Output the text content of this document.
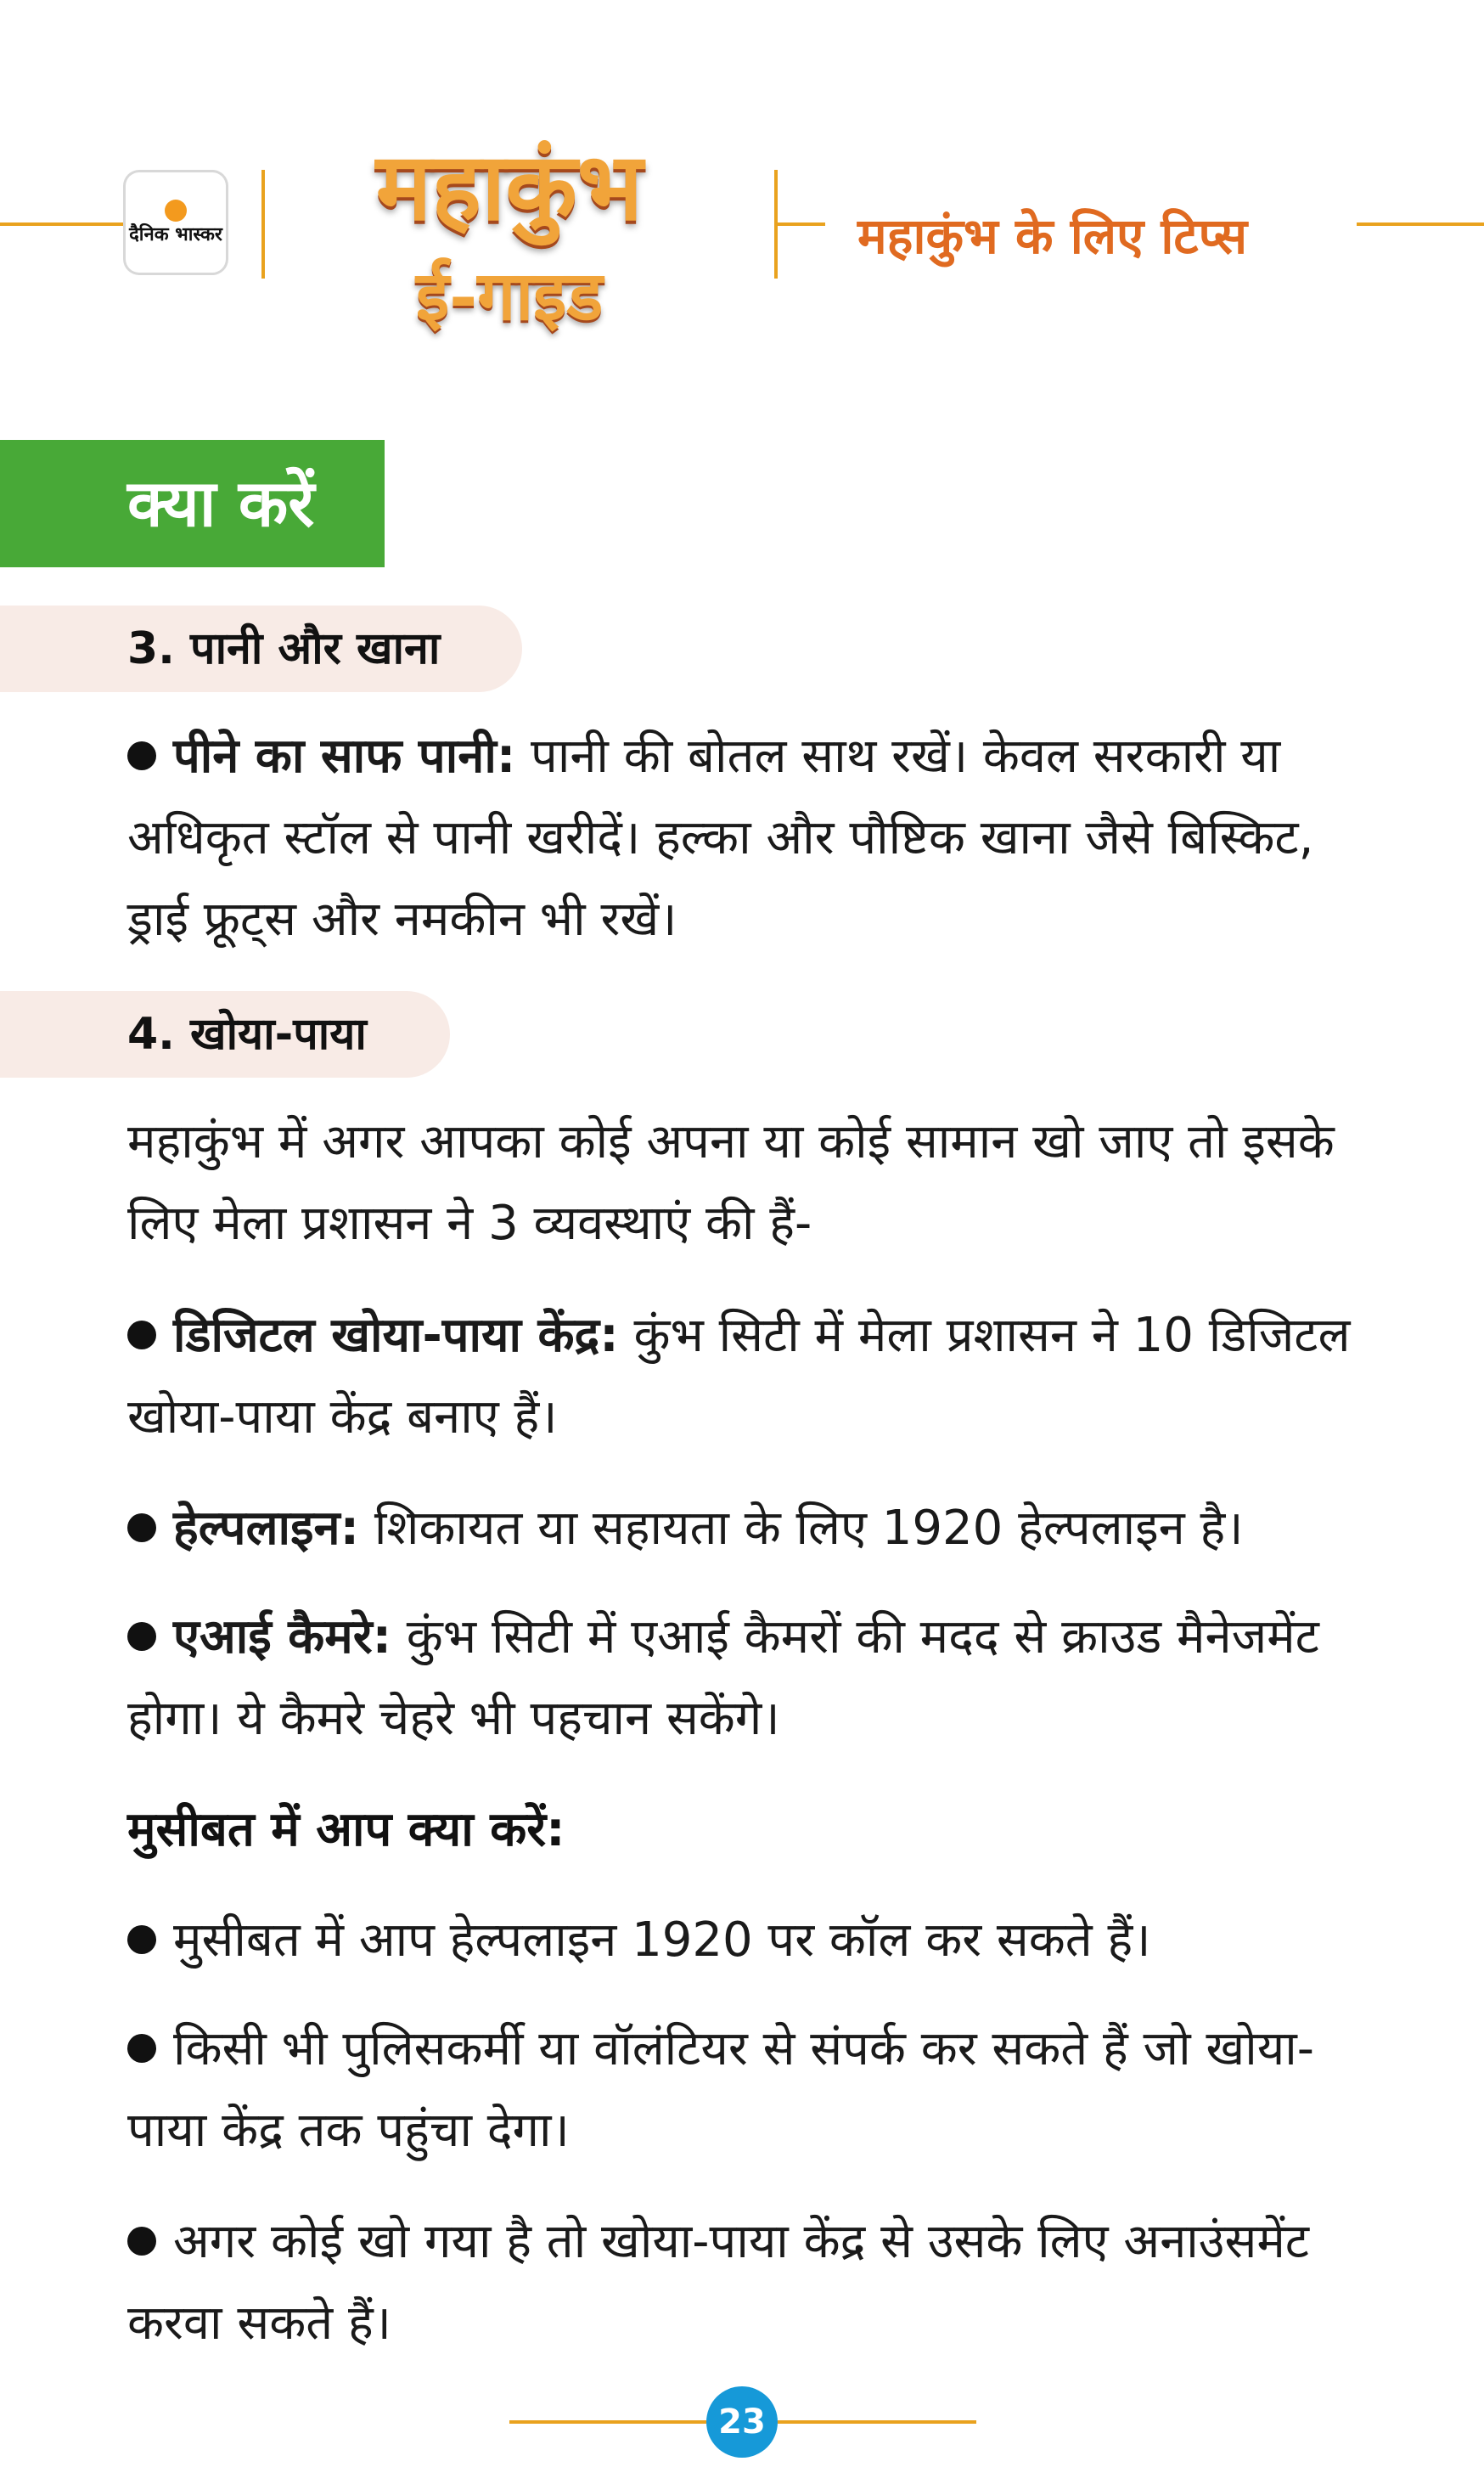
दैनिक भास्कर	महाकुंभ
ई-गाइड
महाकुंभ के लिए टिप्स
क्या करें
3. पानी और खाना
पीने का साफ पानी: पानी की बोतल साथ रखें। केवल सरकारी या अधिकृत स्टॉल से पानी खरीदें। हल्का और पौष्टिक खाना जैसे बिस्किट, ड्राई फ्रूट्स और नमकीन भी रखें।
4. खोया-पाया
महाकुंभ में अगर आपका कोई अपना या कोई सामान खो जाए तो इसके लिए मेला प्रशासन ने 3 व्यवस्थाएं की हैं-
डिजिटल खोया-पाया केंद्र: कुंभ सिटी में मेला प्रशासन ने 10 डिजिटल खोया-पाया केंद्र बनाए हैं।
हेल्पलाइन: शिकायत या सहायता के लिए 1920 हेल्पलाइन है।
एआई कैमरे: कुंभ सिटी में एआई कैमरों की मदद से क्राउड मैनेजमेंट होगा। ये कैमरे चेहरे भी पहचान सकेंगे।
मुसीबत में आप क्या करें:
मुसीबत में आप हेल्पलाइन 1920 पर कॉल कर सकते हैं।
किसी भी पुलिसकर्मी या वॉलंटियर से संपर्क कर सकते हैं जो खोया-पाया केंद्र तक पहुंचा देगा।
अगर कोई खो गया है तो खोया-पाया केंद्र से उसके लिए अनाउंसमेंट करवा सकते हैं।
23
